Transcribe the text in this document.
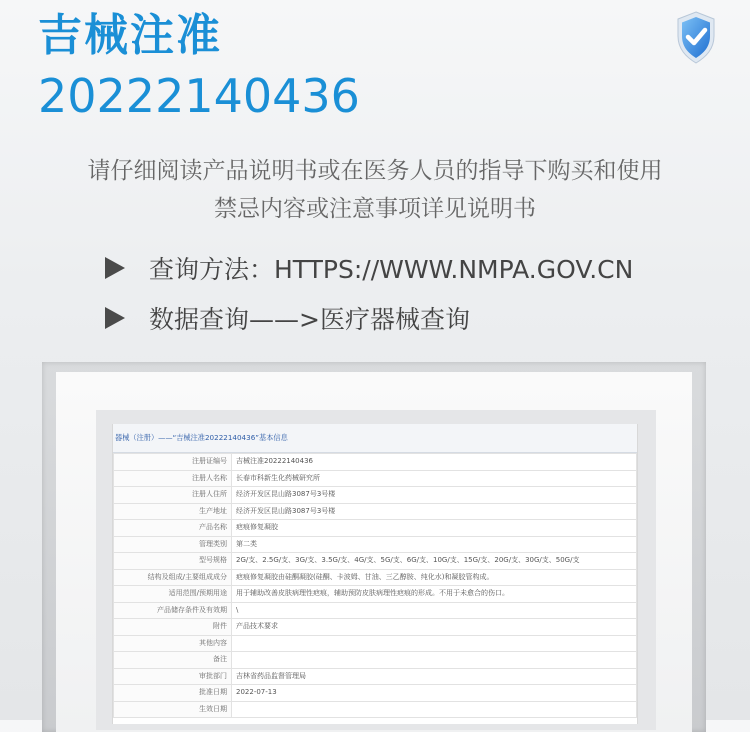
吉械注准
20222140436
请仔细阅读产品说明书或在医务人员的指导下购买和使用
禁忌内容或注意事项详见说明书
查询方法：HTTPS://WWW.NMPA.GOV.CN
数据查询——>医疗器械查询
器械（注册）——“吉械注准20222140436”基本信息
注册证编号	吉械注准20222140436
注册人名称	长春市科新生化药械研究所
注册人住所	经济开发区昆山路3087号3号楼
生产地址	经济开发区昆山路3087号3号楼
产品名称	疤痕修复凝胶
管理类别	第二类
型号规格	2G/支、2.5G/支、3G/支、3.5G/支、4G/支、5G/支、6G/支、10G/支、15G/支、20G/支、30G/支、50G/支
结构及组成/主要组成成分	疤痕修复凝胶由硅酮凝胶(硅酮、卡波姆、甘油、三乙醇胺、纯化水)和凝胶管构成。
适用范围/预期用途	用于辅助改善皮肤病理性疤痕，辅助预防皮肤病理性疤痕的形成。不用于未愈合的伤口。
产品储存条件及有效期	\
附件	产品技术要求
其他内容	
备注	
审批部门	吉林省药品监督管理局
批准日期	2022-07-13
生效日期	
